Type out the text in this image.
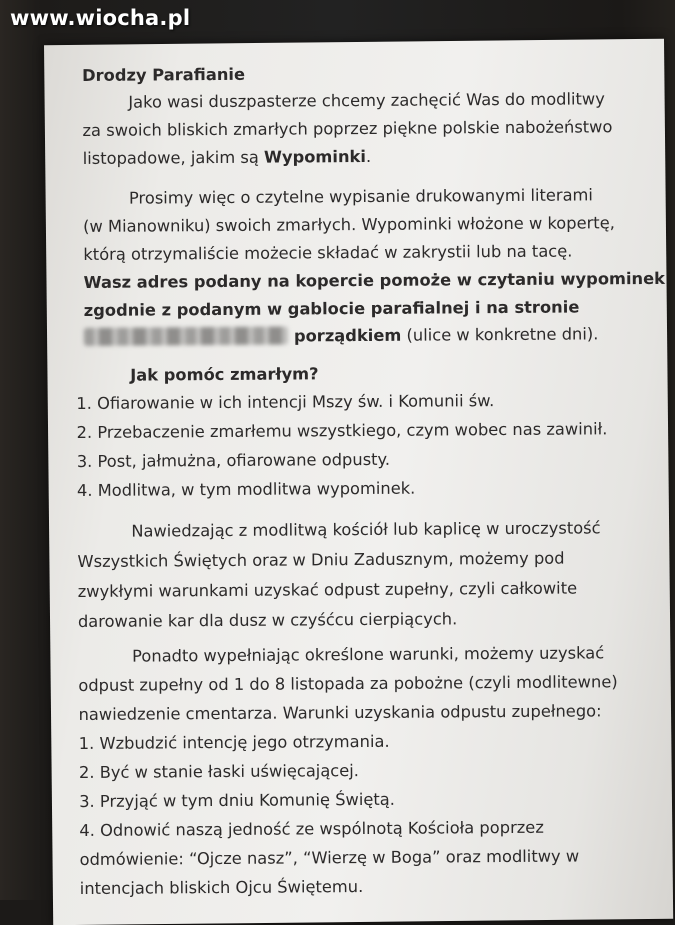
Drodzy Parafianie
Jako wasi duszpasterze chcemy zachęcić Was do modlitwy
za swoich bliskich zmarłych poprzez piękne polskie nabożeństwo
listopadowe, jakim są Wypominki.
Prosimy więc o czytelne wypisanie drukowanymi literami
(w Mianowniku) swoich zmarłych. Wypominki włożone w kopertę,
którą otrzymaliście możecie składać w zakrystii lub na tacę.
Wasz adres podany na kopercie pomoże w czytaniu wypominek
zgodnie z podanym w gablocie parafialnej i na stronie
porządkiem (ulice w konkretne dni).
Jak pomóc zmarłym?
1. Ofiarowanie w ich intencji Mszy św. i Komunii św.
2. Przebaczenie zmarłemu wszystkiego, czym wobec nas zawinił.
3. Post, jałmużna, ofiarowane odpusty.
4. Modlitwa, w tym modlitwa wypominek.
Nawiedzając z modlitwą kościół lub kaplicę w uroczystość
Wszystkich Świętych oraz w Dniu Zadusznym, możemy pod
zwykłymi warunkami uzyskać odpust zupełny, czyli całkowite
darowanie kar dla dusz w czyśćcu cierpiących.
Ponadto wypełniając określone warunki, możemy uzyskać
odpust zupełny od 1 do 8 listopada za pobożne (czyli modlitewne)
nawiedzenie cmentarza. Warunki uzyskania odpustu zupełnego:
1. Wzbudzić intencję jego otrzymania.
2. Być w stanie łaski uświęcającej.
3. Przyjąć w tym dniu Komunię Świętą.
4. Odnowić naszą jedność ze wspólnotą Kościoła poprzez
odmówienie: “Ojcze nasz”, “Wierzę w Boga” oraz modlitwy w
intencjach bliskich Ojcu Świętemu.
www.wiocha.pl
